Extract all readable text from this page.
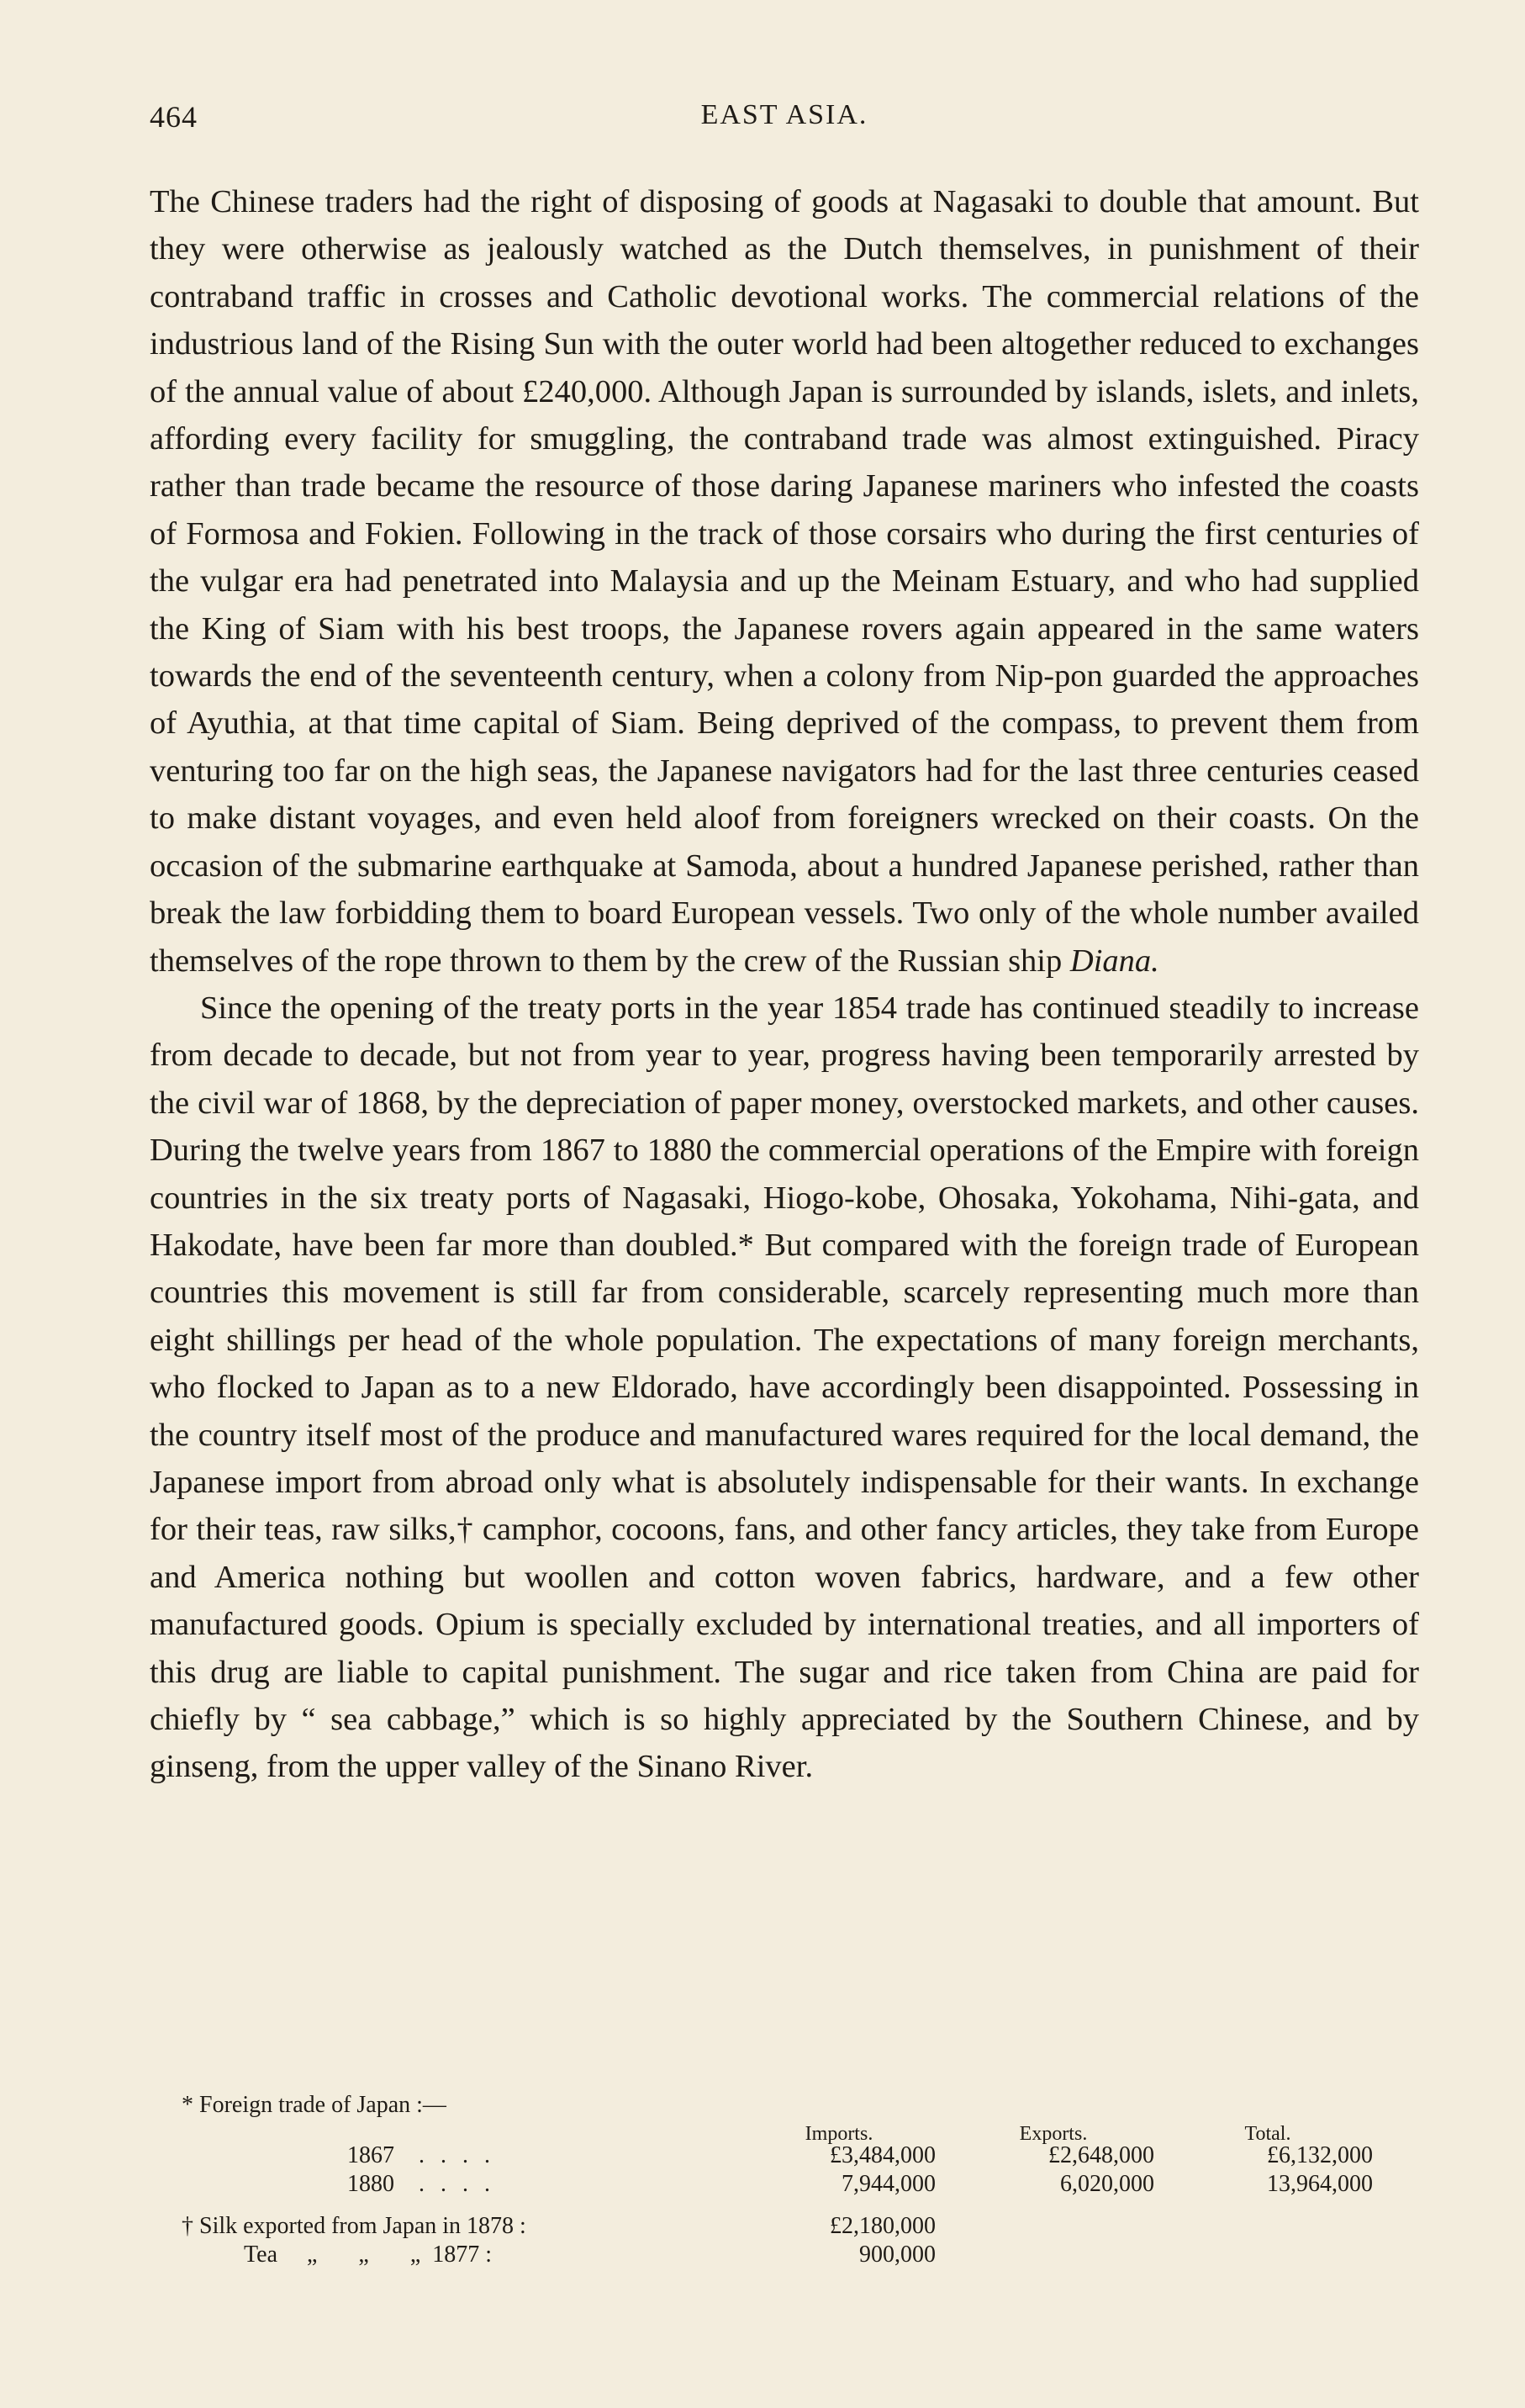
464	EAST ASIA.

The Chinese traders had the right of disposing of goods at Nagasaki to double that amount. But they were otherwise as jealously watched as the Dutch themselves, in punishment of their contraband traffic in crosses and Catholic devotional works. The commercial relations of the industrious land of the Rising Sun with the outer world had been altogether reduced to exchanges of the annual value of about £240,000. Although Japan is surrounded by islands, islets, and inlets, affording every facility for smuggling, the contraband trade was almost extinguished. Piracy rather than trade became the resource of those daring Japanese mariners who infested the coasts of Formosa and Fokien. Following in the track of those corsairs who during the first centuries of the vulgar era had penetrated into Malaysia and up the Meinam Estuary, and who had supplied the King of Siam with his best troops, the Japanese rovers again appeared in the same waters towards the end of the seventeenth century, when a colony from Nip-pon guarded the approaches of Ayuthia, at that time capital of Siam. Being deprived of the compass, to prevent them from venturing too far on the high seas, the Japanese navigators had for the last three centuries ceased to make distant voyages, and even held aloof from foreigners wrecked on their coasts. On the occasion of the submarine earthquake at Samoda, about a hundred Japanese perished, rather than break the law forbidding them to board European vessels. Two only of the whole number availed themselves of the rope thrown to them by the crew of the Russian ship Diana.

Since the opening of the treaty ports in the year 1854 trade has continued steadily to increase from decade to decade, but not from year to year, progress having been temporarily arrested by the civil war of 1868, by the depreciation of paper money, overstocked markets, and other causes. During the twelve years from 1867 to 1880 the commercial operations of the Empire with foreign countries in the six treaty ports of Nagasaki, Hiogo-kobe, Ohosaka, Yokohama, Nihi-gata, and Hakodate, have been far more than doubled.* But compared with the foreign trade of European countries this movement is still far from considerable, scarcely representing much more than eight shillings per head of the whole population. The expectations of many foreign merchants, who flocked to Japan as to a new Eldorado, have accordingly been disappointed. Possessing in the country itself most of the produce and manufactured wares required for the local demand, the Japanese import from abroad only what is absolutely indispensable for their wants. In exchange for their teas, raw silks,† camphor, cocoons, fans, and other fancy articles, they take from Europe and America nothing but woollen and cotton woven fabrics, hardware, and a few other manufactured goods. Opium is specially excluded by international treaties, and all importers of this drug are liable to capital punishment. The sugar and rice taken from China are paid for chiefly by “ sea cabbage,” which is so highly appreciated by the Southern Chinese, and by ginseng, from the upper valley of the Sinano River.

* Foreign trade of Japan :—
Imports.	Exports.	Total.
1867 . . . .	£3,484,000	£2,648,000	£6,132,000
1880 . . . .	7,944,000	6,020,000	13,964,000
† Silk exported from Japan in 1878 :	£2,180,000
Tea     „       „       „  1877 :	900,000
